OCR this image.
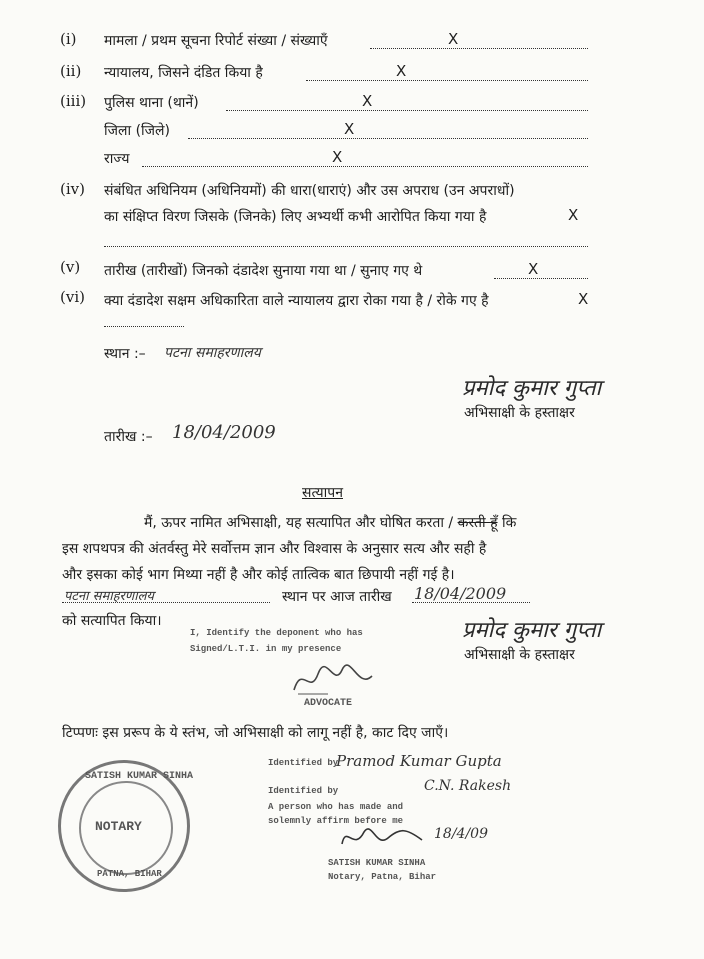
(i) मामला / प्रथम सूचना रिपोर्ट संख्या / संख्याएँ	X
(ii) न्यायालय, जिसने दंडित किया है	X
(iii) पुलिस थाना (थानें)	X
जिला (जिले)	X
राज्य	X
(iv) संबंधित अधिनियम (अधिनियमों) की धारा(धाराएं) और उस अपराध (उन अपराधों)
का संक्षिप्त विरण जिसके (जिनके) लिए अभ्यर्थी कभी आरोपित किया गया है	X
(v) तारीख (तारीखों) जिनको दंडादेश सुनाया गया था / सुनाए गए थे	X
(vi) क्या दंडादेश सक्षम अधिकारिता वाले न्यायालय द्वारा रोका गया है / रोके गए है	X
स्थान :– पटना समाहरणालय
प्रमोद कुमार गुप्ता
अभिसाक्षी के हस्ताक्षर
तारीख :– 18/04/2009
सत्यापन
मैं, ऊपर नामित अभिसाक्षी, यह सत्यापित और घोषित करता / करती हूँ कि
इस शपथपत्र की अंतर्वस्तु मेरे सर्वोत्तम ज्ञान और विश्वास के अनुसार सत्य और सही है
और इसका कोई भाग मिथ्या नहीं है और कोई तात्विक बात छिपायी नहीं गई है।
पटना समाहरणालय	स्थान पर आज तारीख 18/04/2009
को सत्यापित किया।
I, Identify the deponent who has
Signed/L.T.I. in my presence
ADVOCATE
प्रमोद कुमार गुप्ता
अभिसाक्षी के हस्ताक्षर
टिप्पणः इस प्ररूप के ये स्तंभ, जो अभिसाक्षी को लागू नहीं है, काट दिए जाएँ।
SATISH KUMAR SINHA
NOTARY
PATNA, BIHAR
Identified by
Pramod Kumar Gupta
Identified by	C.N. Rakesh
A person who has made and
solemnly affirm before me
18/4/09
SATISH KUMAR SINHA
Notary, Patna, Bihar
